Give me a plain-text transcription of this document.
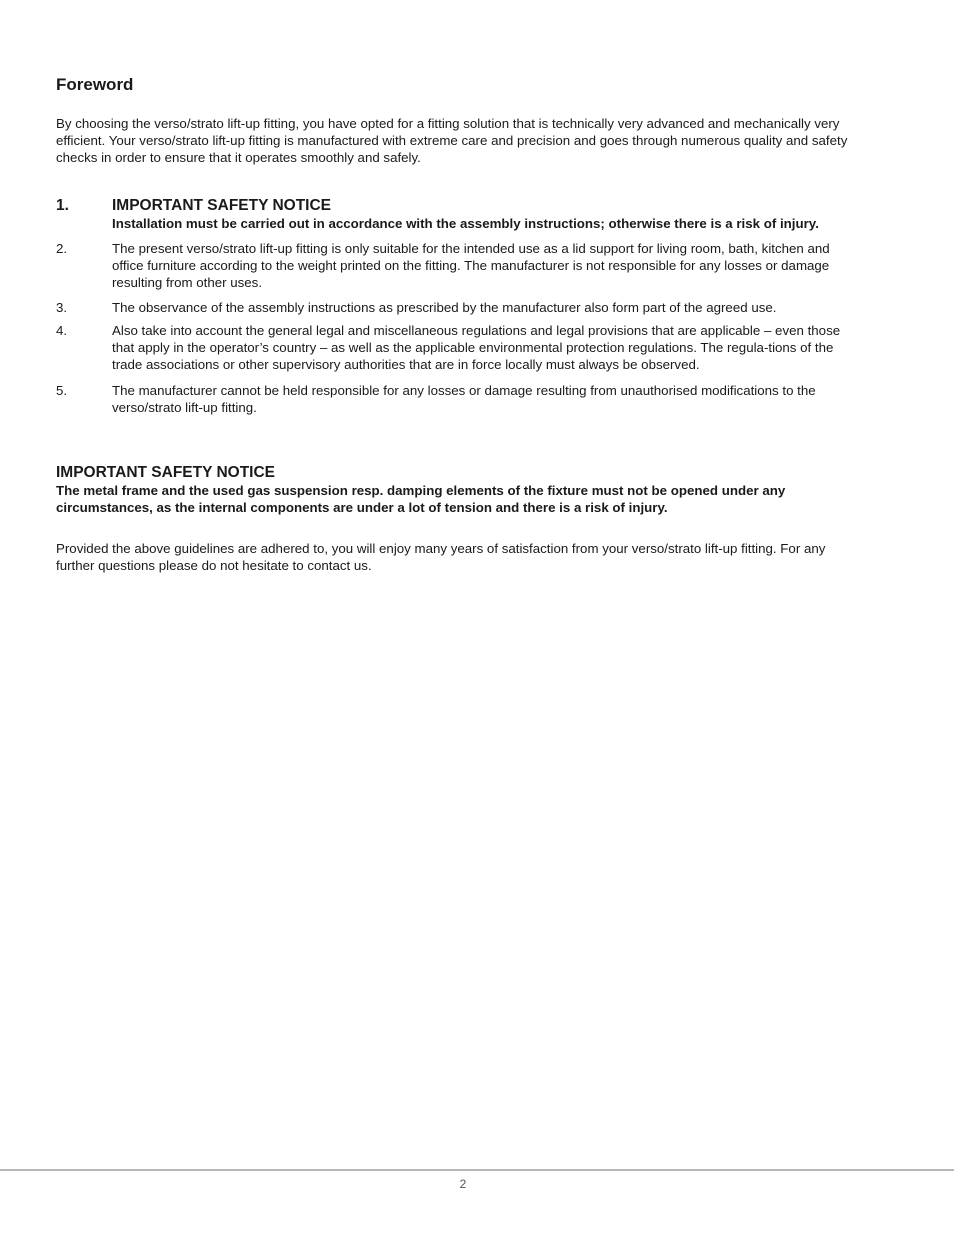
Foreword

By choosing the verso/strato lift-up fitting, you have opted for a fitting solution that is technically very advanced and mechanically very efficient. Your verso/strato lift-up fitting is manufactured with extreme care and precision and goes through numerous quality and safety checks in order to ensure that it operates smoothly and safely.

1.	IMPORTANT SAFETY NOTICE

Installation must be carried out in accordance with the assembly instructions; otherwise there is a risk of injury.

2.	The present verso/strato lift-up fitting is only suitable for the intended use as a lid support for living room, bath, kitchen and office furniture according to the weight printed on the fitting. The manufacturer is not responsible for any losses or damage resulting from other uses.
3.	The observance of the assembly instructions as prescribed by the manufacturer also form part of the agreed use.
4.	Also take into account the general legal and miscellaneous regulations and legal provisions that are applicable – even those that apply in the operator’s country – as well as the applicable environmental protection regulations. The regula-tions of the trade associations or other supervisory authorities that are in force locally must always be observed.
5.	The manufacturer cannot be held responsible for any losses or damage resulting from unauthorised modifications to the verso/strato lift-up fitting.
IMPORTANT SAFETY NOTICE

The metal frame and the used gas suspension resp. damping elements of the fixture must not be opened under any circumstances, as the internal components are under a lot of tension and there is a risk of injury.

Provided the above guidelines are adhered to, you will enjoy many years of satisfaction from your verso/strato lift-up fitting. For any further questions please do not hesitate to contact us.

2
